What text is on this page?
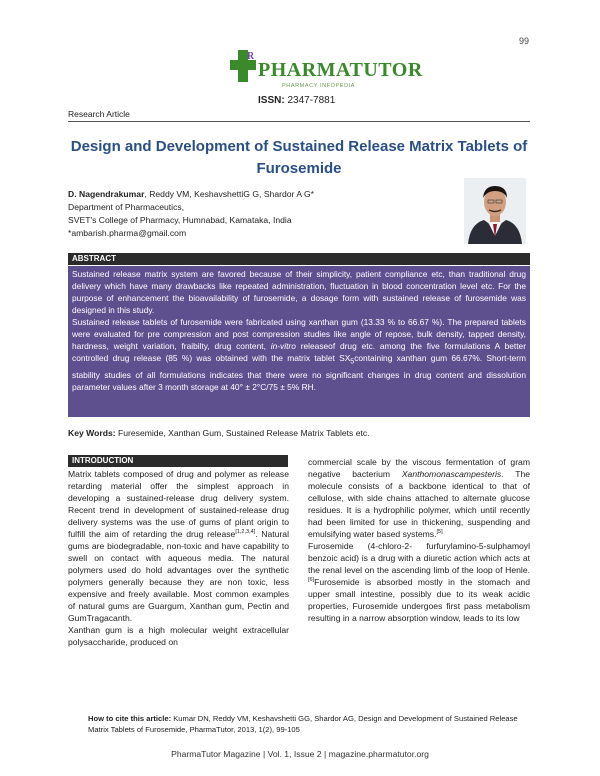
99
R
PHARMATUTOR
PHARMACY INFOPEDIA
ISSN: 2347-7881
Research Article
Design and Development of Sustained Release Matrix Tablets of Furosemide
D. Nagendrakumar, Reddy VM, KeshavshettiG G, Shardor A G*
Department of Pharmaceutics,
SVET's College of Pharmacy, Humnabad, Kamataka, India
*ambarish.pharma@gmail.com
ABSTRACT

Sustained release matrix system are favored because of their simplicity, patient compliance etc, than traditional drug delivery which have many drawbacks like repeated administration, fluctuation in blood concentration level etc. For the purpose of enhancement the bioavailability of furosemide, a dosage form with sustained release of furosemide was designed in this study.

Sustained release tablets of furosemide were fabricated using xanthan gum (13.33 % to 66.67 %). The prepared tablets were evaluated for pre compression and post compression studies like angle of repose, bulk density, tapped density, hardness, weight variation, fraibilty, drug content, in-vitro releaseof drug etc. among the five formulations A better controlled drug release (85 %) was obtained with the matrix tablet $SX_5containing$ xanthan gum 66.67%. Short-term stability studies of all formulations indicates that there were no significant changes in drug content and dissolution parameter values after 3 month storage at 40° ± 2°C/75 ± 5% RH.

Key Words: Furesemide, Xanthan Gum, Sustained Release Matrix Tablets etc.
INTRODUCTION

Matrix tablets composed of drug and polymer as release retarding material offer the simplest approach in developing a sustained-release drug delivery system. Recent trend in development of sustained-release drug delivery systems was the use of gums of plant origin to fulfill the aim of retarding the drug release[1,2,3,4]. Natural gums are biodegradable, non-toxic and have capability to swell on contact with aqueous media. The natural polymers used do hold advantages over the synthetic polymers generally because they are non toxic, less expensive and freely available. Most common examples of natural gums are Guargum, Xanthan gum, Pectin and GumTragacanth.

Xanthan gum is a high molecular weight extracellular polysaccharide, produced on

commercial scale by the viscous fermentation of gram negative bacterium Xanthomonascampesteris. The molecule consists of a backbone identical to that of cellulose, with side chains attached to alternate glucose residues. It is a hydrophilic polymer, which until recently had been limited for use in thickening, suspending and emulsifying water based systems.[5]

Furosemide (4-chloro-2- furfurylamino-5-sulphamoyl benzoic acid) is a drug with a diuretic action which acts at the renal level on the ascending limb of the loop of Henle. [6]Furosemide is absorbed mostly in the stomach and upper small intestine, possibly due to its weak acidic properties, Furosemide undergoes first pass metabolism resulting in a narrow absorption window, leads to its low

How to cite this article: Kumar DN, Reddy VM, Keshavshetti GG, Shardor AG, Design and Development of Sustained Release Matrix Tablets of Furosemide, PharmaTutor, 2013, 1(2), 99-105
PharmaTutor Magazine | Vol. 1, Issue 2 | magazine.pharmatutor.org
